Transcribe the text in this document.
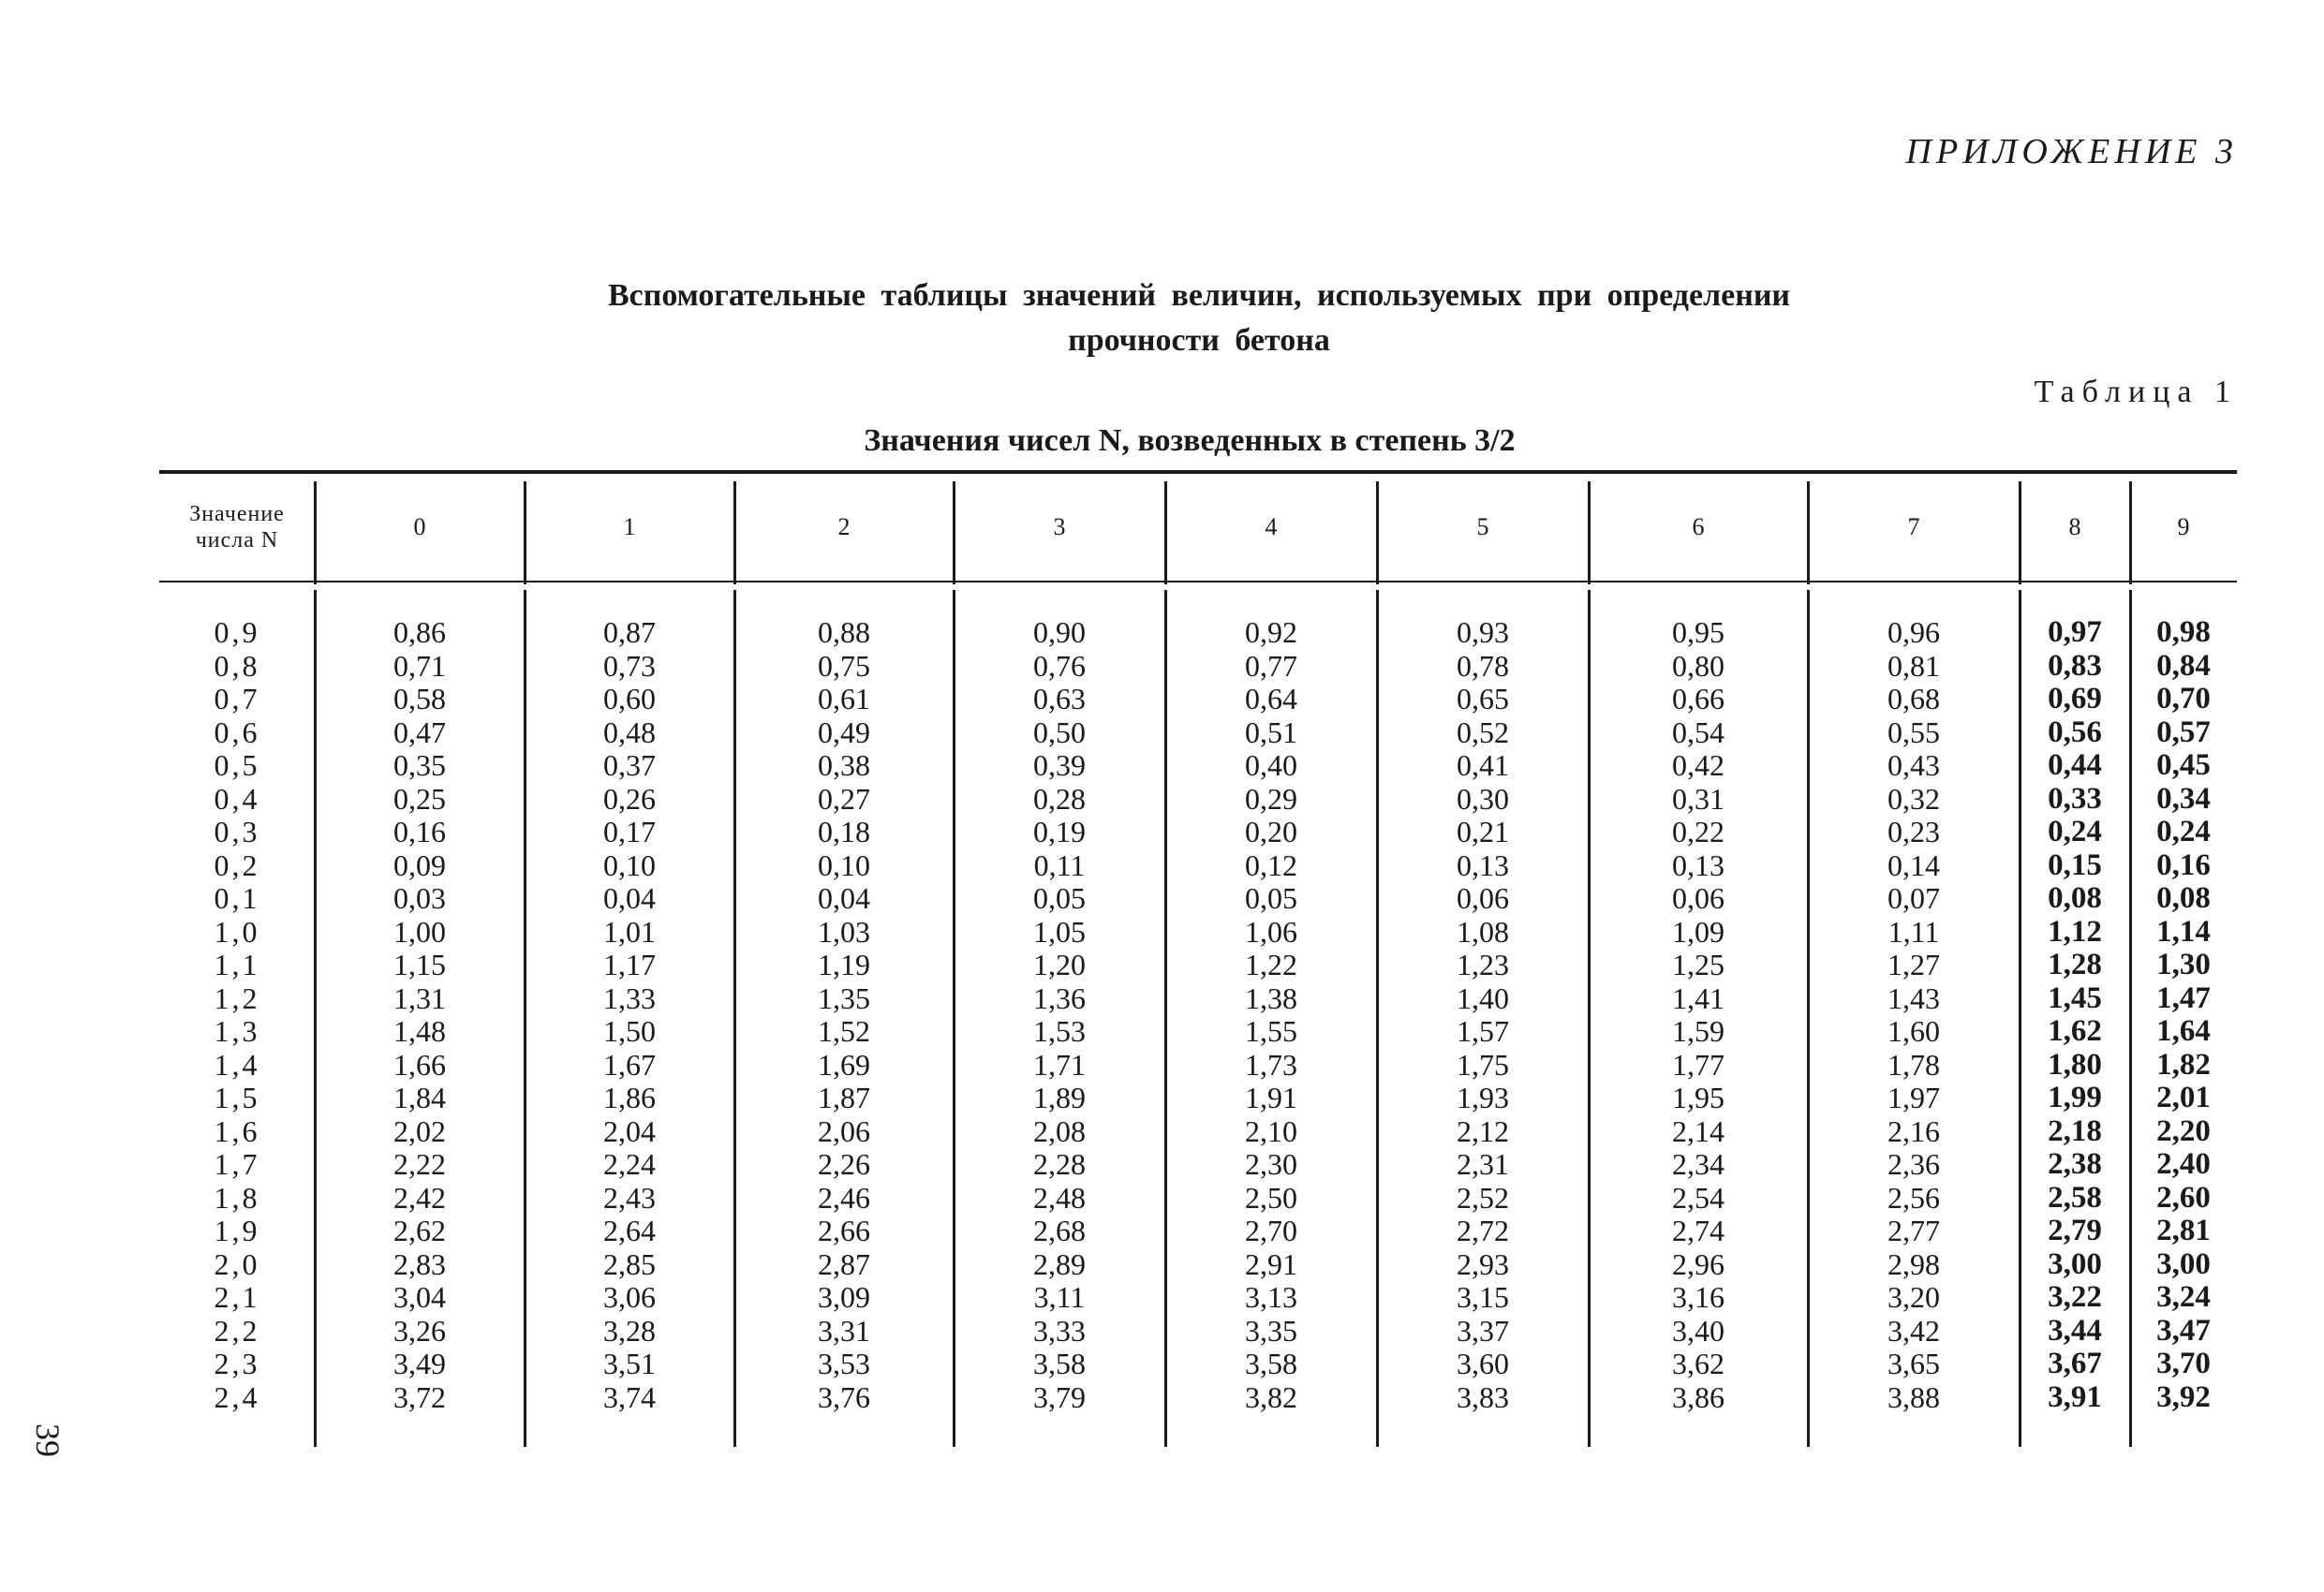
ПРИЛОЖЕНИЕ 3
Вспомогательные таблицы значений величин, используемых при определении
прочности бетона
Таблица 1
Значения чисел N, возведенных в степень 3/2
Значение
числа N
0,9
0,8
0,7
0,6
0,5
0,4
0,3
0,2
0,1
1,0
1,1
1,2
1,3
1,4
1,5
1,6
1,7
1,8
1,9
2,0
2,1
2,2
2,3
2,4
0
0,86
0,71
0,58
0,47
0,35
0,25
0,16
0,09
0,03
1,00
1,15
1,31
1,48
1,66
1,84
2,02
2,22
2,42
2,62
2,83
3,04
3,26
3,49
3,72
1
0,87
0,73
0,60
0,48
0,37
0,26
0,17
0,10
0,04
1,01
1,17
1,33
1,50
1,67
1,86
2,04
2,24
2,43
2,64
2,85
3,06
3,28
3,51
3,74
2
0,88
0,75
0,61
0,49
0,38
0,27
0,18
0,10
0,04
1,03
1,19
1,35
1,52
1,69
1,87
2,06
2,26
2,46
2,66
2,87
3,09
3,31
3,53
3,76
3
0,90
0,76
0,63
0,50
0,39
0,28
0,19
0,11
0,05
1,05
1,20
1,36
1,53
1,71
1,89
2,08
2,28
2,48
2,68
2,89
3,11
3,33
3,58
3,79
4
0,92
0,77
0,64
0,51
0,40
0,29
0,20
0,12
0,05
1,06
1,22
1,38
1,55
1,73
1,91
2,10
2,30
2,50
2,70
2,91
3,13
3,35
3,58
3,82
5
0,93
0,78
0,65
0,52
0,41
0,30
0,21
0,13
0,06
1,08
1,23
1,40
1,57
1,75
1,93
2,12
2,31
2,52
2,72
2,93
3,15
3,37
3,60
3,83
6
0,95
0,80
0,66
0,54
0,42
0,31
0,22
0,13
0,06
1,09
1,25
1,41
1,59
1,77
1,95
2,14
2,34
2,54
2,74
2,96
3,16
3,40
3,62
3,86
7
0,96
0,81
0,68
0,55
0,43
0,32
0,23
0,14
0,07
1,11
1,27
1,43
1,60
1,78
1,97
2,16
2,36
2,56
2,77
2,98
3,20
3,42
3,65
3,88
8
0,97
0,83
0,69
0,56
0,44
0,33
0,24
0,15
0,08
1,12
1,28
1,45
1,62
1,80
1,99
2,18
2,38
2,58
2,79
3,00
3,22
3,44
3,67
3,91
9
0,98
0,84
0,70
0,57
0,45
0,34
0,24
0,16
0,08
1,14
1,30
1,47
1,64
1,82
2,01
2,20
2,40
2,60
2,81
3,00
3,24
3,47
3,70
3,92
39
